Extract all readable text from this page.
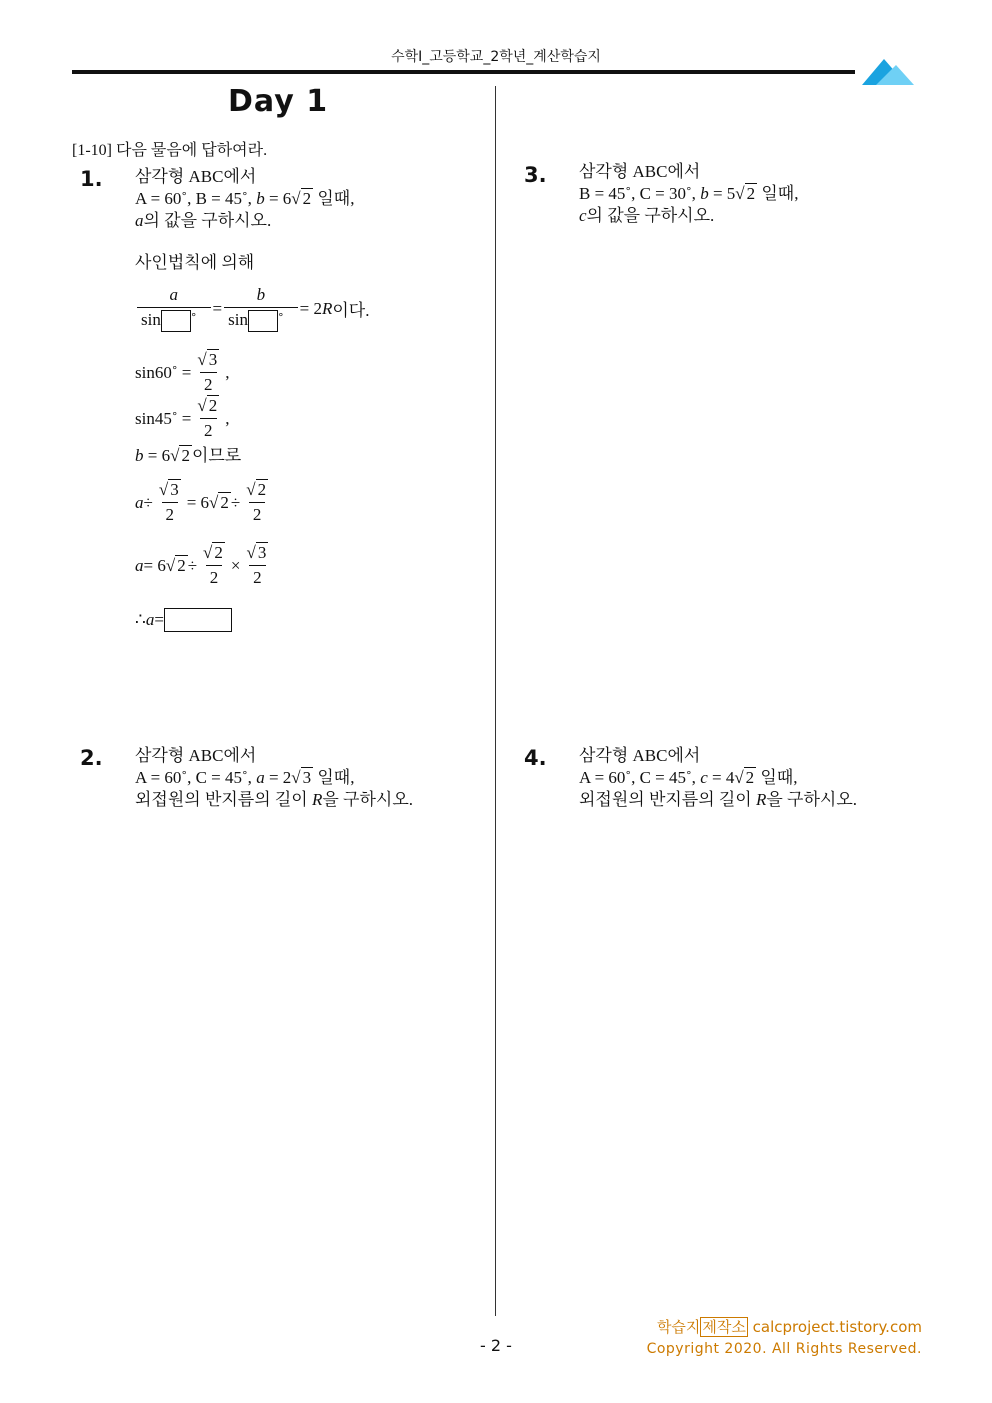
수학Ⅰ_고등학교_2학년_계산학습지
Day 1
[1-10] 다음 물음에 답하여라.
1. 삼각형 ABC에서
A = 60˚, B = 45˚, b = 6√ 2 일때,
a의 값을 구하시오.
사인법칙에 의해
$\frac{a}{\sin ˚} = \frac{b}{\sin ˚} = 2$ R 이다.
sin60˚ = $\frac{√ 3}{2}$ ,
sin45˚ = $\frac{√ 2}{2}$ ,
b = 6√ 2 이므로
$a \div \frac{√ 3}{2} = 6$ √ $2 \div \frac{√ 2}{2}$
a = 6 √ $2 \div \frac{√ 2}{2} \times \frac{√ 3}{2}$
∴ a =
2. 삼각형 ABC에서
A = 60˚, C = 45˚, a = 2√ 3 일때,
외접원의 반지름의 길이 R을 구하시오.
3. 삼각형 ABC에서
B = 45˚, C = 30˚, b = 5√ 2 일때,
c의 값을 구하시오.
4. 삼각형 ABC에서
A = 60˚, C = 45˚, c = 4√ 2 일때,
외접원의 반지름의 길이 R을 구하시오.
- 2 -
학습지 제작소 calcproject.tistory.com
Copyright 2020. All Rights Reserved.
